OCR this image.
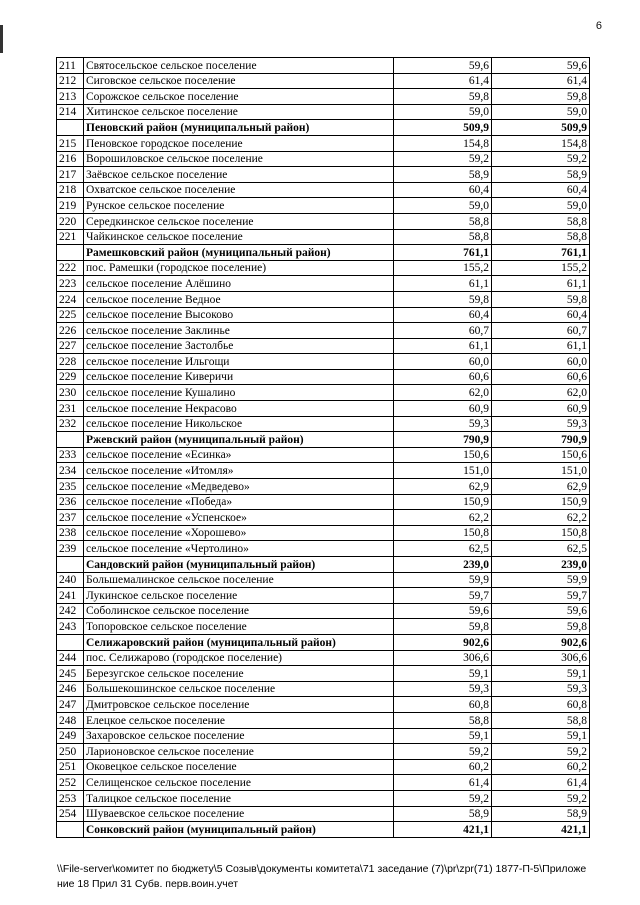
6
211	Святосельское сельское поселение	59,6	59,6
212	Сиговское сельское поселение	61,4	61,4
213	Сорожское сельское поселение	59,8	59,8
214	Хитинское сельское поселение	59,0	59,0
	Пеновский район (муниципальный район)	509,9	509,9
215	Пеновское городское поселение	154,8	154,8
216	Ворошиловское сельское поселение	59,2	59,2
217	Заёвское сельское поселение	58,9	58,9
218	Охватское сельское поселение	60,4	60,4
219	Рунское сельское поселение	59,0	59,0
220	Середкинское сельское поселение	58,8	58,8
221	Чайкинское сельское поселение	58,8	58,8
	Рамешковский район (муниципальный район)	761,1	761,1
222	пос. Рамешки (городское поселение)	155,2	155,2
223	сельское поселение Алёшино	61,1	61,1
224	сельское поселение Ведное	59,8	59,8
225	сельское поселение Высоково	60,4	60,4
226	сельское поселение Заклинье	60,7	60,7
227	сельское поселение Застолбье	61,1	61,1
228	сельское поселение Ильгощи	60,0	60,0
229	сельское поселение Киверичи	60,6	60,6
230	сельское поселение Кушалино	62,0	62,0
231	сельское поселение Некрасово	60,9	60,9
232	сельское поселение Никольское	59,3	59,3
	Ржевский район (муниципальный район)	790,9	790,9
233	сельское поселение «Есинка»	150,6	150,6
234	сельское поселение «Итомля»	151,0	151,0
235	сельское поселение «Медведево»	62,9	62,9
236	сельское поселение «Победа»	150,9	150,9
237	сельское поселение «Успенское»	62,2	62,2
238	сельское поселение «Хорошево»	150,8	150,8
239	сельское поселение «Чертолино»	62,5	62,5
	Сандовский район (муниципальный район)	239,0	239,0
240	Большемалинское сельское поселение	59,9	59,9
241	Лукинское сельское поселение	59,7	59,7
242	Соболинское сельское поселение	59,6	59,6
243	Топоровское сельское поселение	59,8	59,8
	Селижаровский район (муниципальный район)	902,6	902,6
244	пос. Селижарово (городское поселение)	306,6	306,6
245	Березугское сельское поселение	59,1	59,1
246	Большекошинское сельское поселение	59,3	59,3
247	Дмитровское сельское поселение	60,8	60,8
248	Елецкое сельское поселение	58,8	58,8
249	Захаровское сельское поселение	59,1	59,1
250	Ларионовское сельское поселение	59,2	59,2
251	Оковецкое сельское поселение	60,2	60,2
252	Селищенское сельское поселение	61,4	61,4
253	Талицкое сельское поселение	59,2	59,2
254	Шуваевское сельское поселение	58,9	58,9
	Сонковский район (муниципальный район)	421,1	421,1
\\File-server\комитет по бюджету\5 Созыв\документы комитета\71 заседание (7)\pr\zpr(71) 1877-П-5\Приложение 18 Прил 31 Субв. перв.воин.учет
